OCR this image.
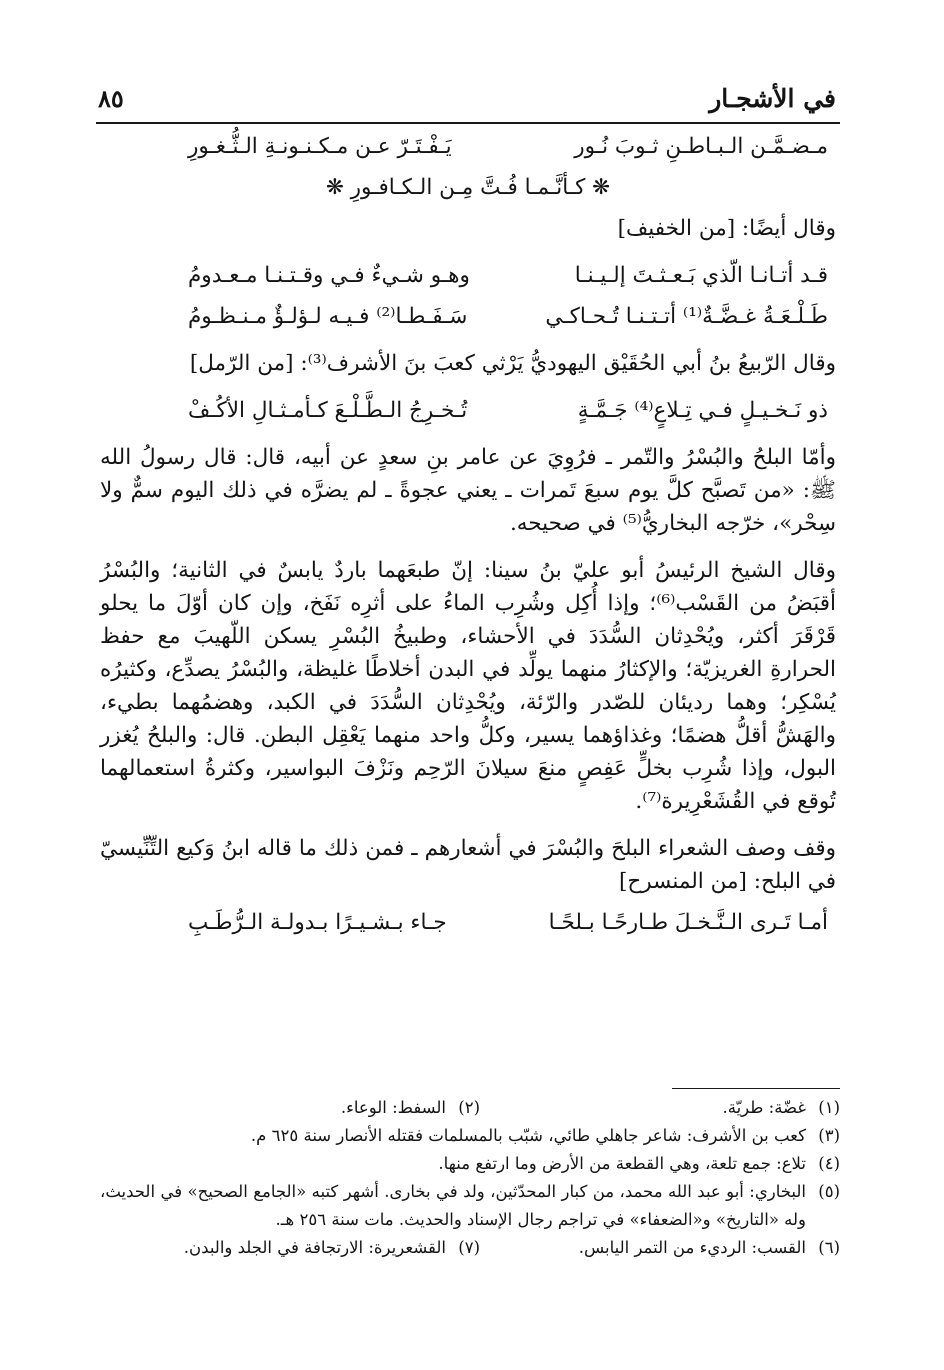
في الأشجـار
٨٥
مـضـمَّـن الـبـاطـنِ ثـوبَ نُـور
يَـفْـتَـرّ عـن مـكـنـونـةِ الـثُّـغـورِ
❋ كـأنَّـمـا فُـتَّ مِـن الـكـافـورِ ❋

وقال أيضًا: [من الخفيف]

قـد أتـانـا الّذي بَـعـثـتَ إلـيـنـا
وهـو شـيءٌ فـي وقـتـنـا مـعـدومُ
طَـلْـعَـةُ غـضَّـةٌ⁽¹⁾ أتـتـنـا تُـحـاكـي
سَـفَـطـا⁽²⁾ فـيـه لـؤلـؤٌ مـنـظـومُ

وقال الرّبيعُ بنُ أبي الحُقَيْق اليهوديُّ يَرْثي كعبَ بنَ الأشرف⁽³⁾: [من الرّمل]

ذو نَـخـيـلٍ فـي تِـلاعٍ⁽⁴⁾ جَـمَّـةٍ
تُـخـرِجُ الـطَّـلْـعَ كـأمـثـالِ الأكُـفْ

وأمّا البلحُ والبُسْرُ والتّمر ـ فرُوِيَ عن عامر بنِ سعدٍ عن أبيه، قال: قال رسولُ الله ﷺ: «من تَصبَّح كلَّ يوم سبعَ تَمرات ـ يعني عجوةً ـ لم يضرَّه في ذلك اليوم سمٌّ ولا سِحْر»، خرّجه البخاريُّ⁽⁵⁾ في صحيحه.

وقال الشيخ الرئيسُ أبو عليّ بنُ سينا: إنّ طبعَهما باردٌ يابسٌ في الثانية؛ والبُسْرُ أقبَضُ من القَسْب⁽⁶⁾؛ وإذا أُكِل وشُرِب الماءُ على أثرِه نَفَخ، وإن كان أوّلَ ما يحلو قَرْقَرَ أكثر، ويُحْدِثان السُّدَدَ في الأحشاء، وطبيخُ البُسْرِ يسكن اللّهيبَ مع حفظ الحرارةِ الغريزيّة؛ والإكثارُ منهما يولِّد في البدن أخلاطًا غليظة، والبُسْرُ يصدِّع، وكثيرُه يُسْكِر؛ وهما رديئان للصّدر والرّئة، ويُحْدِثان السُّدَدَ في الكبد، وهضمُهما بطيء، والهَشُّ أقلُّ هضمًا؛ وغذاؤهما يسير، وكلُّ واحد منهما يَعْقِل البطن. قال: والبلحُ يُغزر البول، وإذا شُرِب بخلٍّ عَفِصٍ منعَ سيلانَ الرّحِم ونَزْفَ البواسير، وكثرةُ استعمالهما تُوقع في القُشَعْرِيرة⁽⁷⁾.

وقف وصف الشعراء البلحَ والبُسْرَ في أشعارهم ـ فمن ذلك ما قاله ابنُ وَكيع التِّنِّيسيّ في البلح: [من المنسرح]

أمـا تَـرى الـنَّـخـلَ طـارحًـا بـلحًـا
جـاء بـشـيـرًا بـدولـة الـرُّطَـبِ
(١)
غضّة: طريّة.
(٢)
السفط: الوعاء.
(٣)
كعب بن الأشرف: شاعر جاهلي طائي، شبّب بالمسلمات فقتله الأنصار سنة ٦٢٥ م.
(٤)
تلاع: جمع تلعة، وهي القطعة من الأرض وما ارتفع منها.
(٥)
البخاري: أبو عبد الله محمد، من كبار المحدّثين، ولد في بخارى. أشهر كتبه «الجامع الصحيح» في الحديث، وله «التاريخ» و«الضعفاء» في تراجم رجال الإسناد والحديث. مات سنة ٢٥٦ هـ.
(٦)
القسب: الرديء من التمر اليابس.
(٧)
القشعريرة: الارتجافة في الجلد والبدن.
